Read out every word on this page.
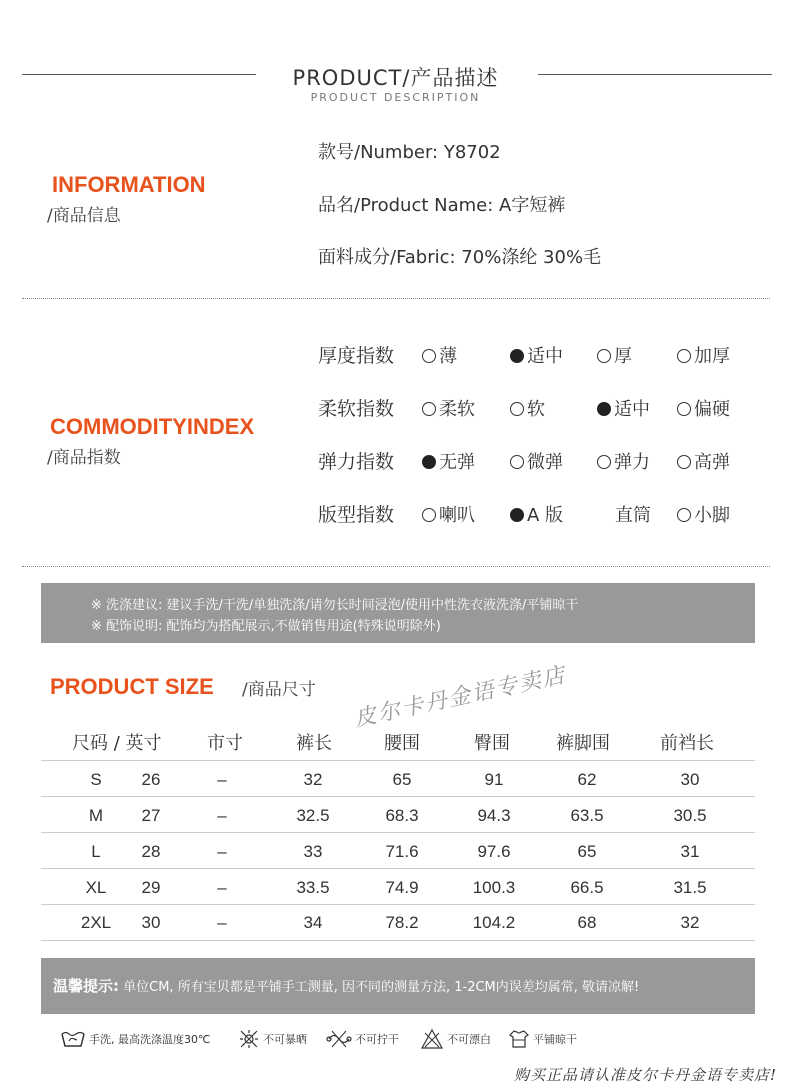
PRODUCT/产品描述
PRODUCT DESCRIPTION
INFORMATION
/商品信息
款号/Number: Y8702
品名/Product Name: A字短裤
面料成分/Fabric: 70%涤纶 30%毛
COMMODITYINDEX
/商品指数
厚度指数	薄	适中	厚	加厚
柔软指数	柔软	软	适中	偏硬
弹力指数	无弹	微弹	弹力	高弹
版型指数	喇叭	A 版	直筒	小脚
※ 洗涤建议: 建议手洗/干洗/单独洗涤/请勿长时间浸泡/使用中性洗衣液洗涤/平铺晾干
※ 配饰说明: 配饰均为搭配展示,不做销售用途(特殊说明除外)
PRODUCT SIZE /商品尺寸
尺码 / 英寸	市寸	裤长	腰围	臀围	裤脚围	前裆长
S	26	–	32	65	91	62	30
M	27	–	32.5	68.3	94.3	63.5	30.5
L	28	–	33	71.6	97.6	65	31
XL	29	–	33.5	74.9	100.3	66.5	31.5
2XL	30	–	34	78.2	104.2	68	32
皮尔卡丹金语专卖店
温馨提示: 单位CM, 所有宝贝都是平铺手工测量, 因不同的测量方法, 1-2CM内误差均属常, 敬请凉解!
手洗, 最高洗涤温度30℃	不可暴晒	不可拧干	不可漂白	平铺晾干
购买正品请认准皮尔卡丹金语专卖店!
